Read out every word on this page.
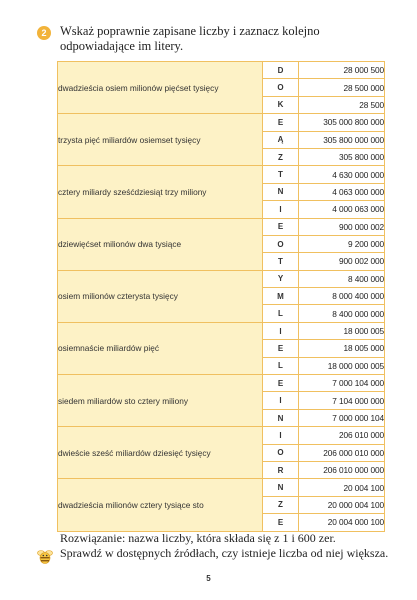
2	Wskaż poprawnie zapisane liczby i zaznacz kolejno odpowiadające im litery.
dwadzieścia osiem milionów pięćset tysięcy	D	28 000 500
	O	28 500 000
	K	28 500
trzysta pięć miliardów osiemset tysięcy	E	305 000 800 000
	Ą	305 800 000 000
	Z	305 800 000
cztery miliardy sześćdziesiąt trzy miliony	T	4 630 000 000
	N	4 063 000 000
	I	4 000 063 000
dziewięćset milionów dwa tysiące	E	900 000 002
	O	9 200 000
	T	900 002 000
osiem milionów czterysta tysięcy	Y	8 400 000
	M	8 000 400 000
	L	8 400 000 000
osiemnaście miliardów pięć	I	18 000 005
	E	18 005 000
	L	18 000 000 005
siedem miliardów sto cztery miliony	E	7 000 104 000
	I	7 104 000 000
	N	7 000 000 104
dwieście sześć miliardów dziesięć tysięcy	I	206 010 000
	O	206 000 010 000
	R	206 010 000 000
dwadzieścia milionów cztery tysiące sto	N	20 004 100
	Z	20 000 004 100
	E	20 004 000 100
Rozwiązanie: nazwa liczby, która składa się z 1 i 600 zer.
Sprawdź w dostępnych źródłach, czy istnieje liczba od niej większa.
5
